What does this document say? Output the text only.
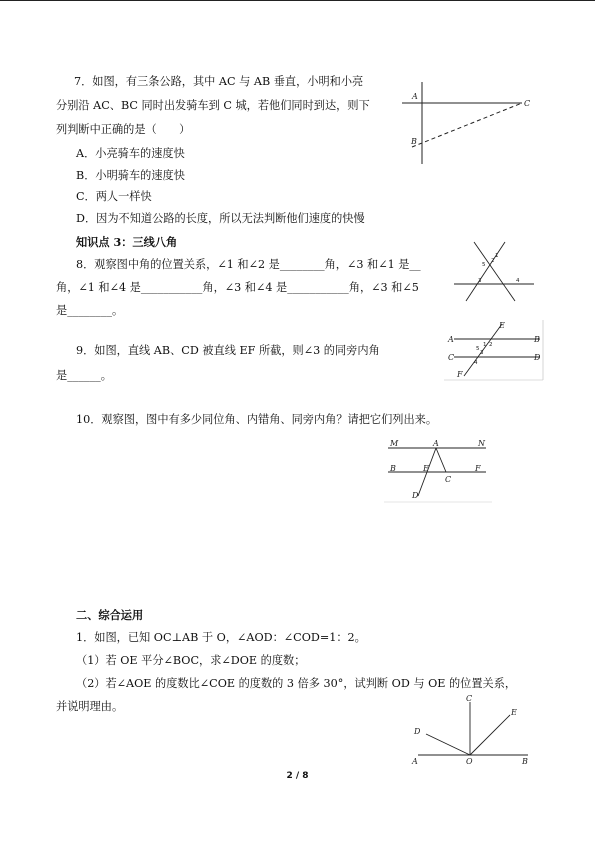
7．如图，有三条公路，其中 AC 与 AB 垂直，小明和小亮
分别沿 AC、BC 同时出发骑车到 C 城，若他们同时到达，则下
列判断中正确的是（　　）
A．小亮骑车的速度快
B．小明骑车的速度快
C．两人一样快
D．因为不知道公路的长度，所以无法判断他们速度的快慢
A
C
B
知识点 3：三线八角
8．观察图中角的位置关系，∠1 和∠2 是________角，∠3 和∠1 是__
角，∠1 和∠4 是___________角，∠3 和∠4 是___________角，∠3 和∠5
是________。
1
2
3	4
5
9．如图，直线 AB、CD 被直线 EF 所截，则∠3 的同旁内角
是______。
A	B
C	D
E
F
1 2
3
4
5
10．观察图，图中有多少同位角、内错角、同旁内角？请把它们列出来。
M	A	N
B	E
C
F
D
二、综合运用
1．如图，已知 OC⊥AB 于 O，∠AOD：∠COD=1：2。
（1）若 OE 平分∠BOC，求∠DOE 的度数；
（2）若∠AOE 的度数比∠COE 的度数的 3 倍多 30°，试判断 OD 与 OE 的位置关系，
并说明理由。
C
D
E
A	O	B
2 / 8
